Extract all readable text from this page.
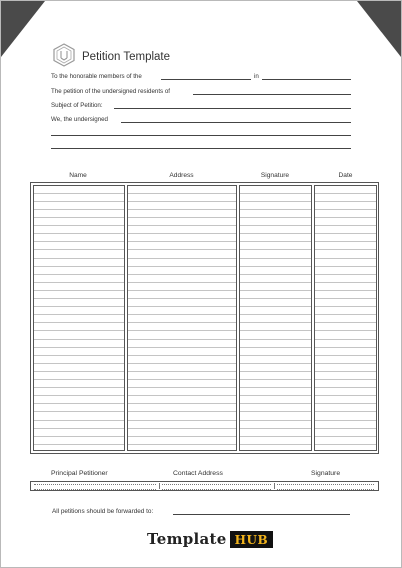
Petition Template
To the honorable members of the	in
The petition of the undersigned residents of
Subject of Petition:
We, the undersigned
Name	Address	Signature	Date
Principal Petitioner	Contact Address	Signature
All petitions should be forwarded to:
Template HUB
